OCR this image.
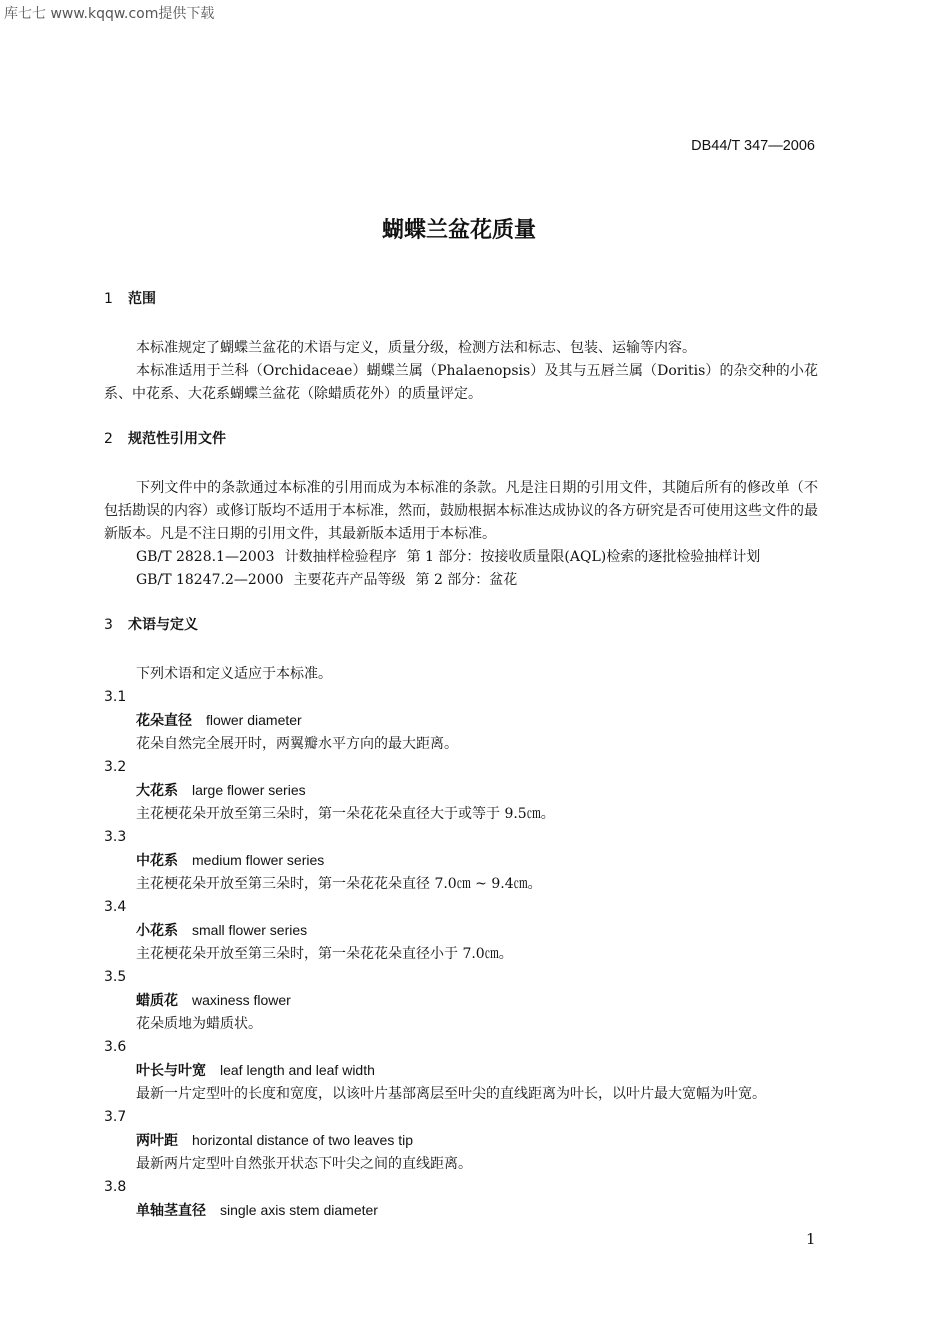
库七七 www.kqqw.com提供下载
DB44/T 347—2006
蝴蝶兰盆花质量
1 范围

本标准规定了蝴蝶兰盆花的术语与定义，质量分级，检测方法和标志、包装、运输等内容。

本标准适用于兰科（Orchidaceae）蝴蝶兰属（Phalaenopsis）及其与五唇兰属（Doritis）的杂交种的小花系、中花系、大花系蝴蝶兰盆花（除蜡质花外）的质量评定。

2 规范性引用文件

下列文件中的条款通过本标准的引用而成为本标准的条款。凡是注日期的引用文件，其随后所有的修改单（不包括勘误的内容）或修订版均不适用于本标准，然而，鼓励根据本标准达成协议的各方研究是否可使用这些文件的最新版本。凡是不注日期的引用文件，其最新版本适用于本标准。

GB/T 2828.1—2003 计数抽样检验程序 第 1 部分：按接收质量限(AQL)检索的逐批检验抽样计划

GB/T 18247.2—2000 主要花卉产品等级 第 2 部分：盆花

3 术语与定义

下列术语和定义适应于本标准。

3.1

花朵直径 flower diameter

花朵自然完全展开时，两翼瓣水平方向的最大距离。

3.2

大花系 large flower series

主花梗花朵开放至第三朵时，第一朵花花朵直径大于或等于 9.5㎝。

3.3

中花系 medium flower series

主花梗花朵开放至第三朵时，第一朵花花朵直径 7.0㎝ ~ 9.4㎝。

3.4

小花系 small flower series

主花梗花朵开放至第三朵时，第一朵花花朵直径小于 7.0㎝。

3.5

蜡质花 waxiness flower

花朵质地为蜡质状。

3.6

叶长与叶宽 leaf length and leaf width

最新一片定型叶的长度和宽度，以该叶片基部离层至叶尖的直线距离为叶长，以叶片最大宽幅为叶宽。

3.7

两叶距 horizontal distance of two leaves tip

最新两片定型叶自然张开状态下叶尖之间的直线距离。

3.8

单轴茎直径 single axis stem diameter

1
